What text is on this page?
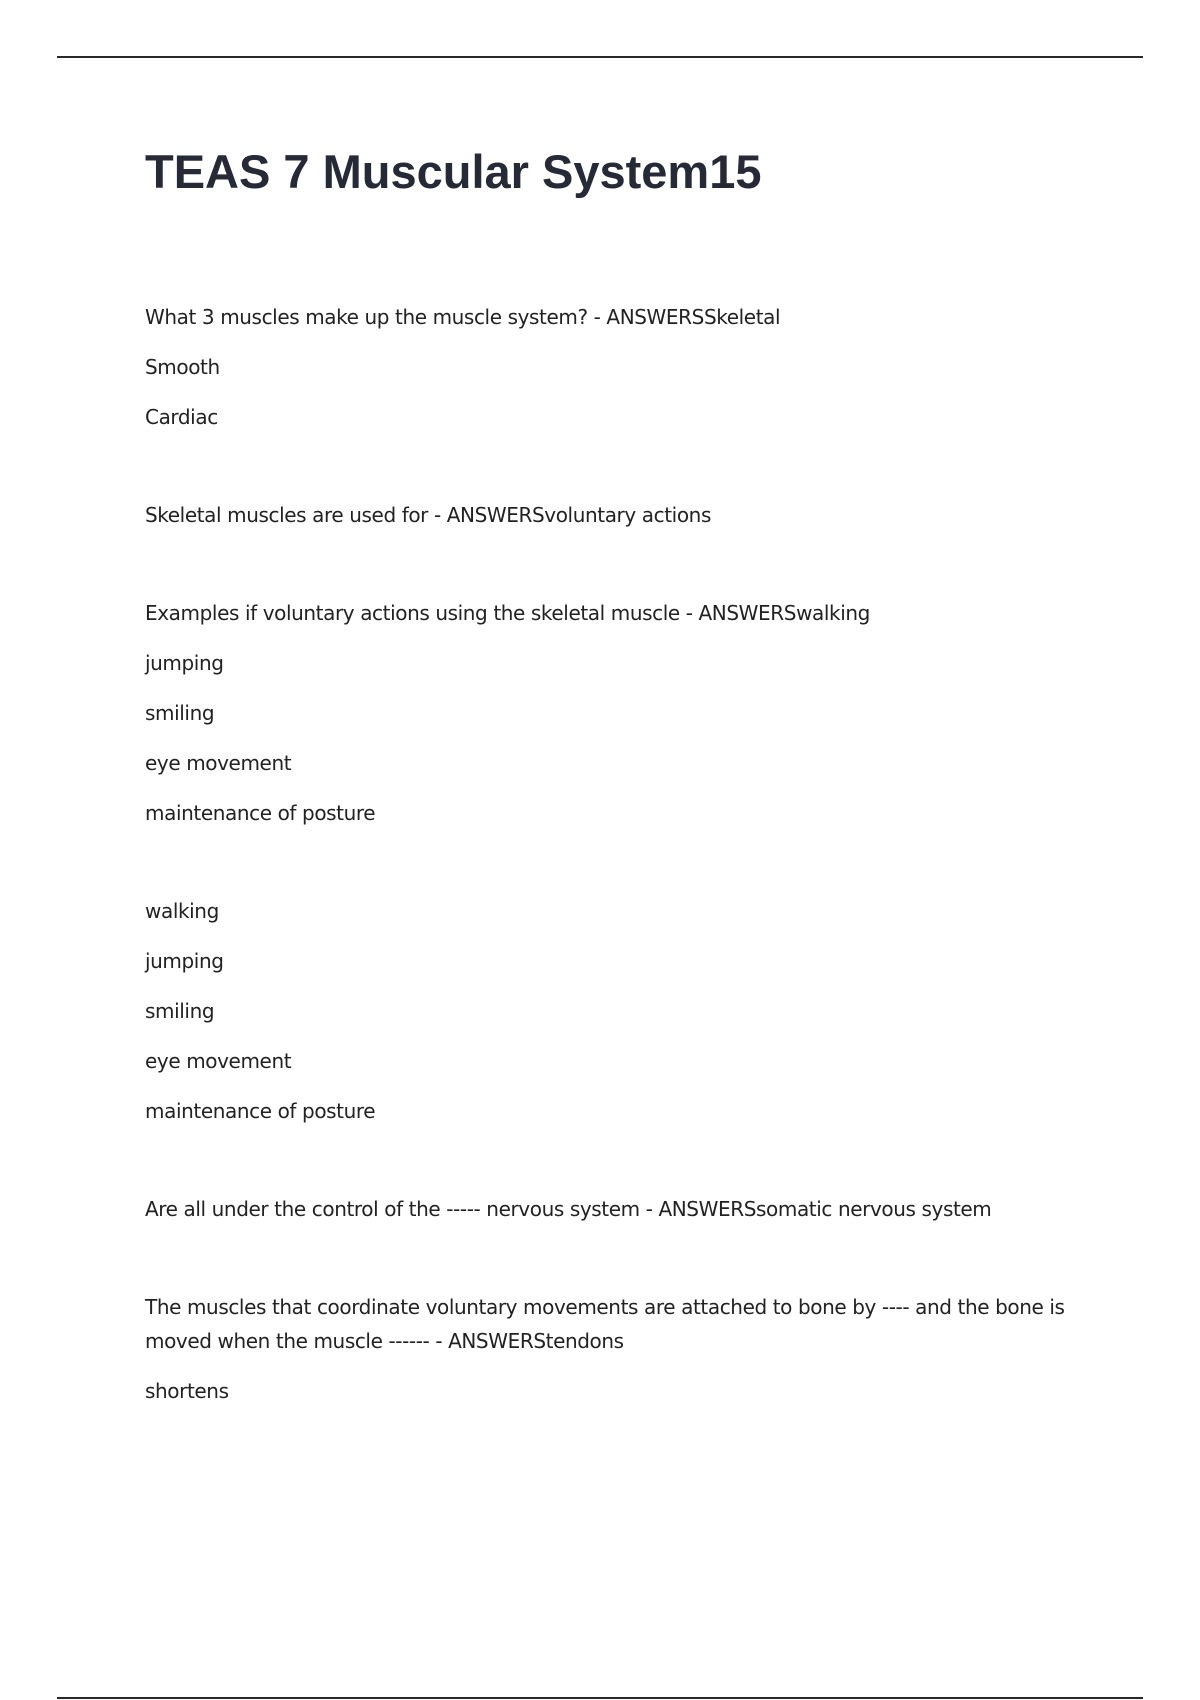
TEAS 7 Muscular System15

What 3 muscles make up the muscle system? - ANSWERSSkeletal

Smooth

Cardiac

Skeletal muscles are used for - ANSWERSvoluntary actions

Examples if voluntary actions using the skeletal muscle - ANSWERSwalking

jumping

smiling

eye movement

maintenance of posture

walking

jumping

smiling

eye movement

maintenance of posture

Are all under the control of the ----- nervous system - ANSWERSsomatic nervous system

The muscles that coordinate voluntary movements are attached to bone by ---- and the bone is moved when the muscle ------ - ANSWERStendons

shortens
